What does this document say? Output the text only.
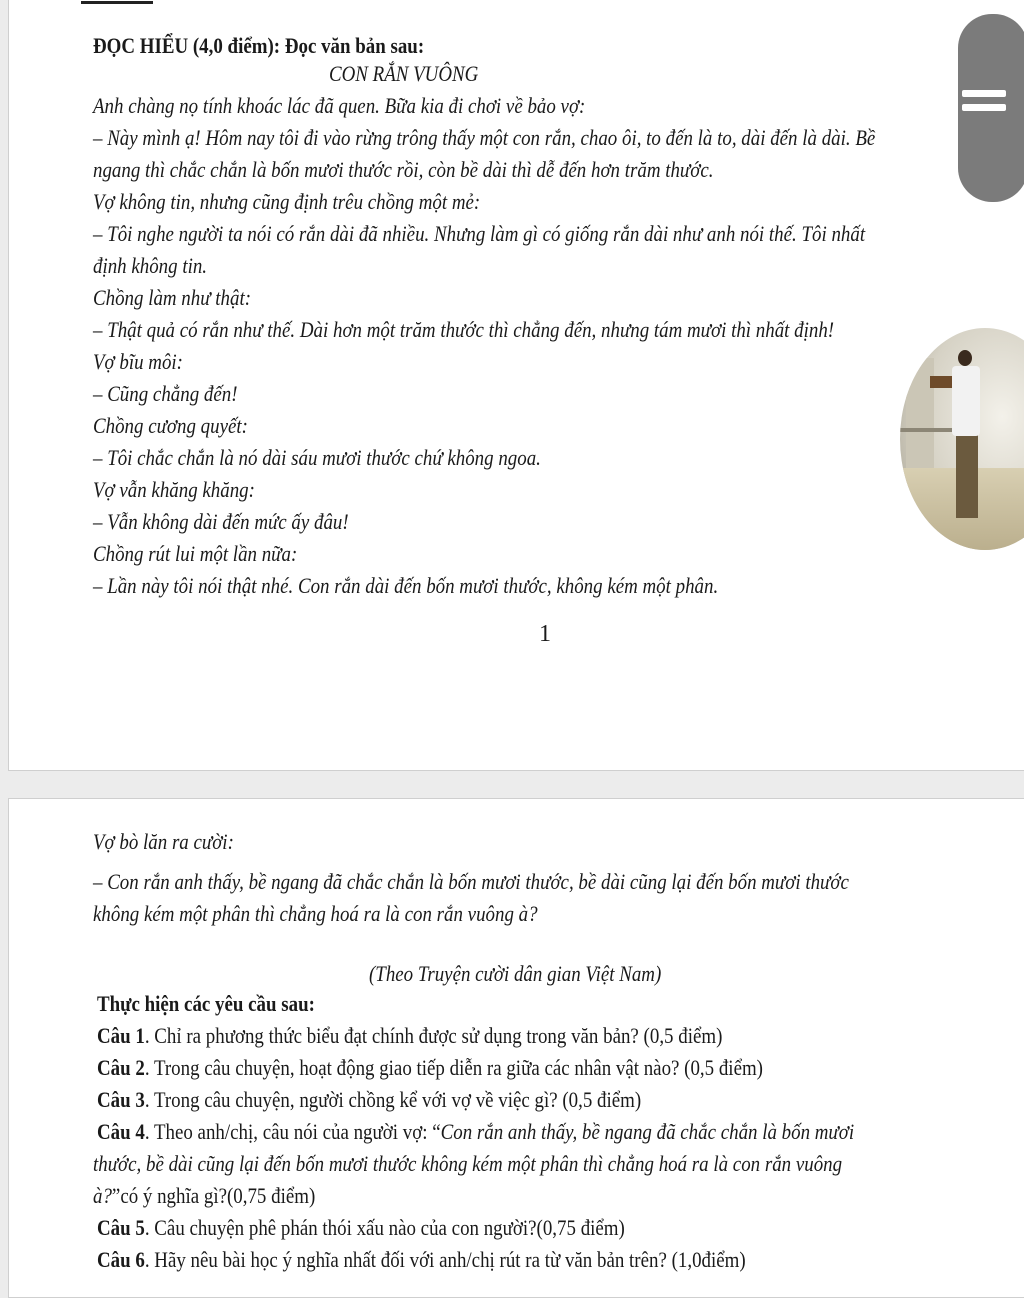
ĐỌC HIỂU (4,0 điểm): Đọc văn bản sau:
CON RẮN VUÔNG
Anh chàng nọ tính khoác lác đã quen. Bữa kia đi chơi về bảo vợ:
– Này mình ạ! Hôm nay tôi đi vào rừng trông thấy một con rắn, chao ôi, to đến là to, dài đến là dài. Bề
ngang thì chắc chắn là bốn mươi thước rồi, còn bề dài thì dễ đến hơn trăm thước.
Vợ không tin, nhưng cũng định trêu chồng một mẻ:
– Tôi nghe người ta nói có rắn dài đã nhiều. Nhưng làm gì có giống rắn dài như anh nói thế. Tôi nhất
định không tin.
Chồng làm như thật:
– Thật quả có rắn như thế. Dài hơn một trăm thước thì chẳng đến, nhưng tám mươi thì nhất định!
Vợ bĩu môi:
– Cũng chẳng đến!
Chồng cương quyết:
– Tôi chắc chắn là nó dài sáu mươi thước chứ không ngoa.
Vợ vẫn khăng khăng:
– Vẫn không dài đến mức ấy đâu!
Chồng rút lui một lần nữa:
– Lần này tôi nói thật nhé. Con rắn dài đến bốn mươi thước, không kém một phân.
1
Vợ bò lăn ra cười:
– Con rắn anh thấy, bề ngang đã chắc chắn là bốn mươi thước, bề dài cũng lại đến bốn mươi thước
không kém một phân thì chẳng hoá ra là con rắn vuông à?
(Theo Truyện cười dân gian Việt Nam)
Thực hiện các yêu cầu sau:
Câu 1. Chỉ ra phương thức biểu đạt chính được sử dụng trong văn bản? (0,5 điểm)
Câu 2. Trong câu chuyện, hoạt động giao tiếp diễn ra giữa các nhân vật nào? (0,5 điểm)
Câu 3. Trong câu chuyện, người chồng kể với vợ về việc gì? (0,5 điểm)
Câu 4. Theo anh/chị, câu nói của người vợ: “Con rắn anh thấy, bề ngang đã chắc chắn là bốn mươi
thước, bề dài cũng lại đến bốn mươi thước không kém một phân thì chẳng hoá ra là con rắn vuông
à?”có ý nghĩa gì?(0,75 điểm)
Câu 5. Câu chuyện phê phán thói xấu nào của con người?(0,75 điểm)
Câu 6. Hãy nêu bài học ý nghĩa nhất đối với anh/chị rút ra từ văn bản trên? (1,0điểm)
